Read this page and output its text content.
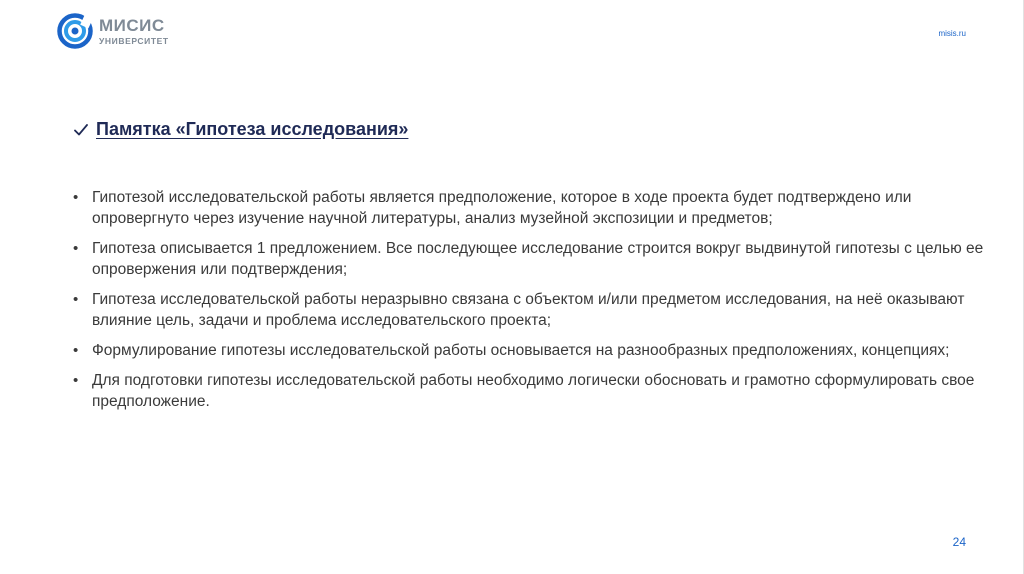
МИСИС
УНИВЕРСИТЕТ
misis.ru
Памятка «Гипотеза исследования»
• Гипотезой исследовательской работы является предположение, которое в ходе проекта будет подтверждено или опровергнуто через изучение научной литературы, анализ музейной экспозиции и предметов;
• Гипотеза описывается 1 предложением. Все последующее исследование строится вокруг выдвинутой гипотезы с целью ее опровержения или подтверждения;
• Гипотеза исследовательской работы неразрывно связана с объектом и/или предметом исследования, на неё оказывают влияние цель, задачи и проблема исследовательского проекта;
• Формулирование гипотезы исследовательской работы основывается на разнообразных предположениях, концепциях;
• Для подготовки гипотезы исследовательской работы необходимо логически обосновать и грамотно сформулировать свое предположение.
24
